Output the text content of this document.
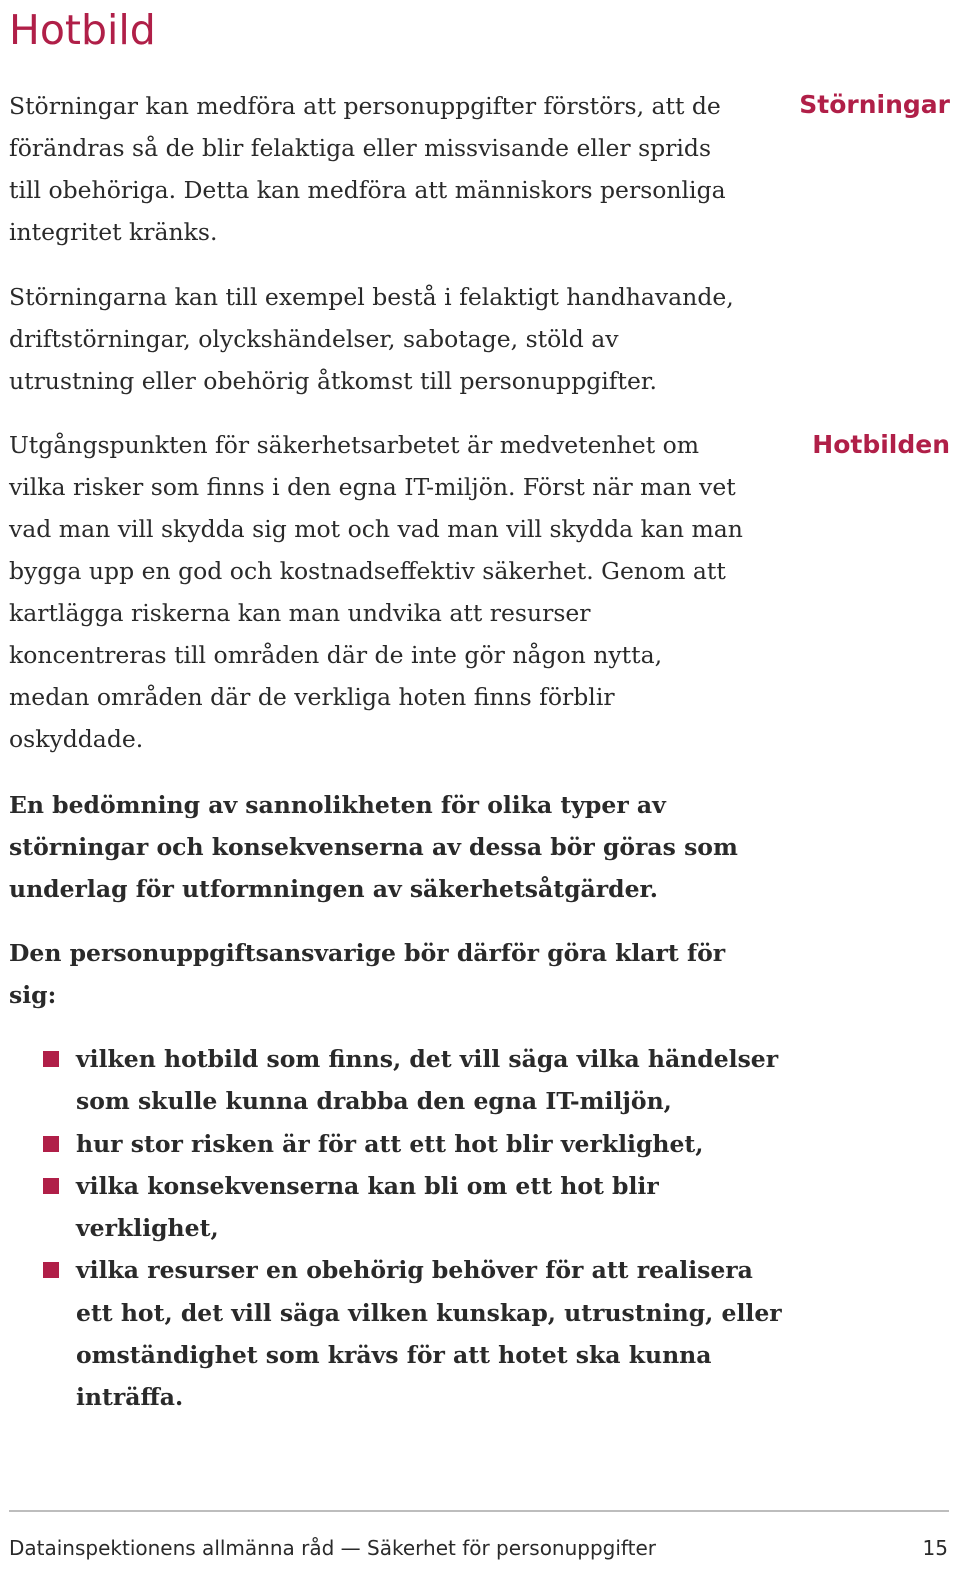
Hotbild
Störningar

Störningar kan medföra att personuppgifter förstörs, att de förändras så de blir felaktiga eller missvisande eller sprids till obehöriga. Detta kan medföra att människors personliga integritet kränks.

Störningarna kan till exempel bestå i felaktigt handhavande, driftstörningar, olyckshändelser, sabotage, stöld av utrustning eller obehörig åtkomst till personuppgifter.

Hotbilden

Utgångspunkten för säkerhetsarbetet är medvetenhet om vilka risker som finns i den egna IT-miljön. Först när man vet vad man vill skydda sig mot och vad man vill skydda kan man bygga upp en god och kostnadseffektiv säkerhet. Genom att kartlägga riskerna kan man undvika att resurser koncentreras till områden där de inte gör någon nytta, medan områden där de verkliga hoten finns förblir oskyddade.

En bedömning av sannolikheten för olika typer av störningar och konsekvenserna av dessa bör göras som underlag för utformningen av säkerhetsåtgärder.

Den personuppgiftsansvarige bör därför göra klart för sig:

vilken hotbild som finns, det vill säga vilka händelser som skulle kunna drabba den egna IT-miljön,
hur stor risken är för att ett hot blir verklighet,
vilka konsekvenserna kan bli om ett hot blir verklighet,
vilka resurser en obehörig behöver för att realisera ett hot, det vill säga vilken kunskap, utrustning, eller omständighet som krävs för att hotet ska kunna inträffa.
Datainspektionens allmänna råd — Säkerhet för personuppgifter	15
